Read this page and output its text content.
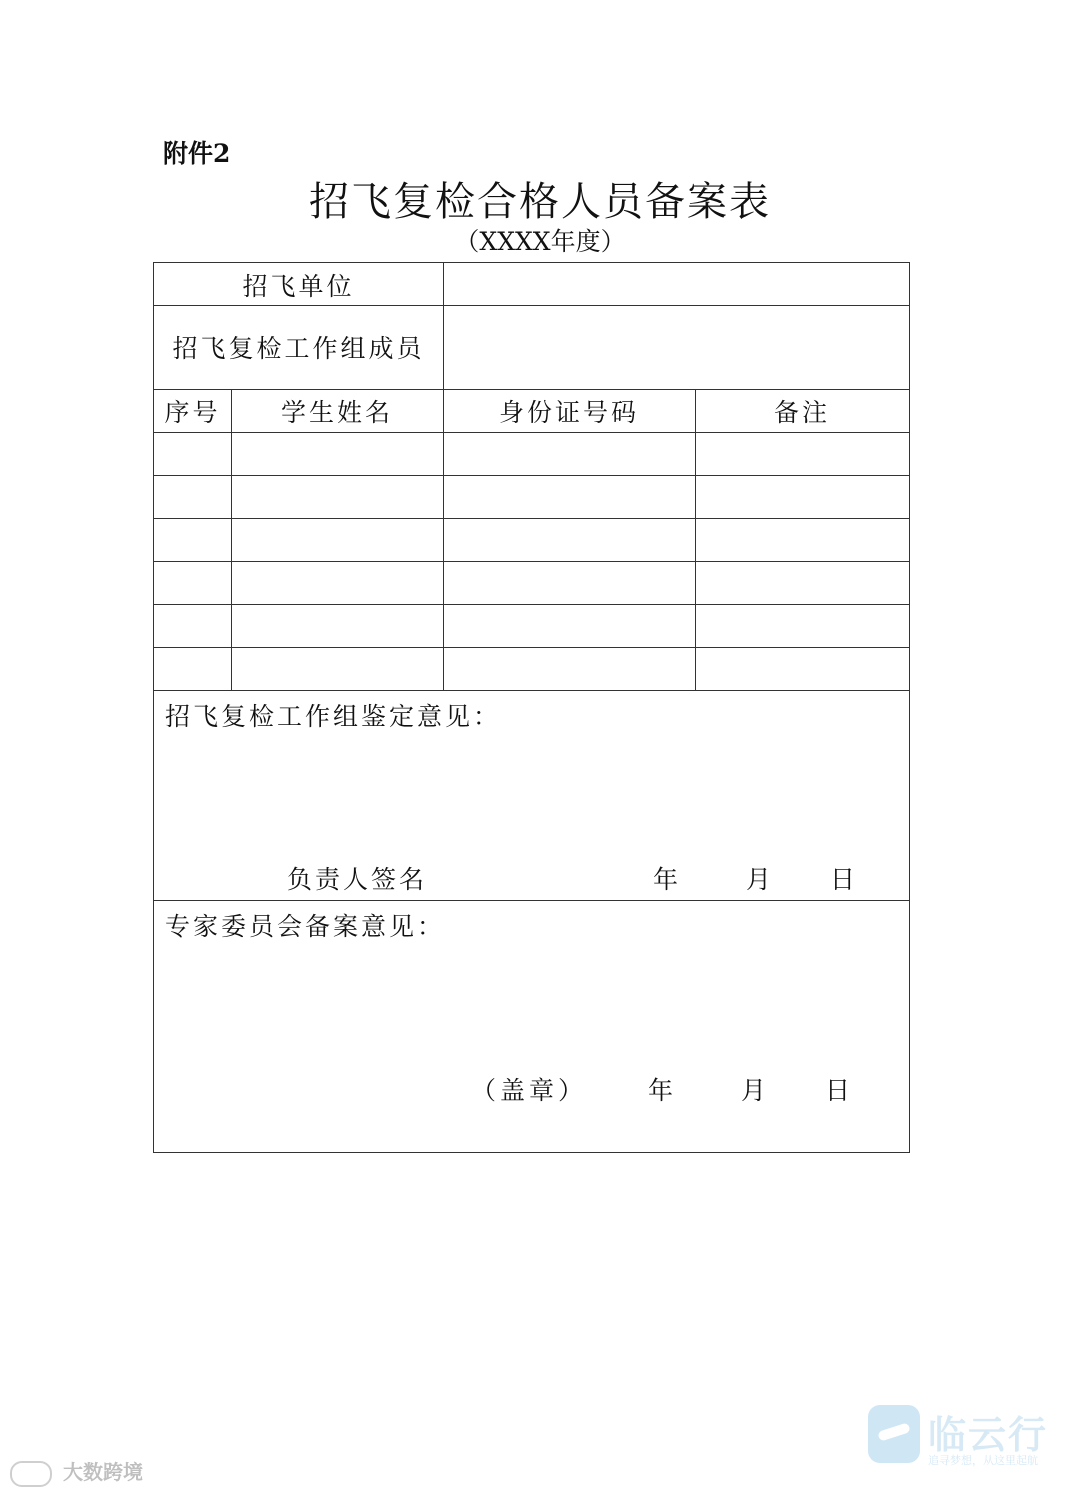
附件2
招飞复检合格人员备案表
（XXXX年度）
招飞单位
招飞复检工作组成员
序号	学生姓名	身份证号码	备注
招飞复检工作组鉴定意见：
负责人签名	年	月 日
专家委员会备案意见：
（盖章） 年	月 日
大数跨境
临云行
追寻梦想，从这里起航
